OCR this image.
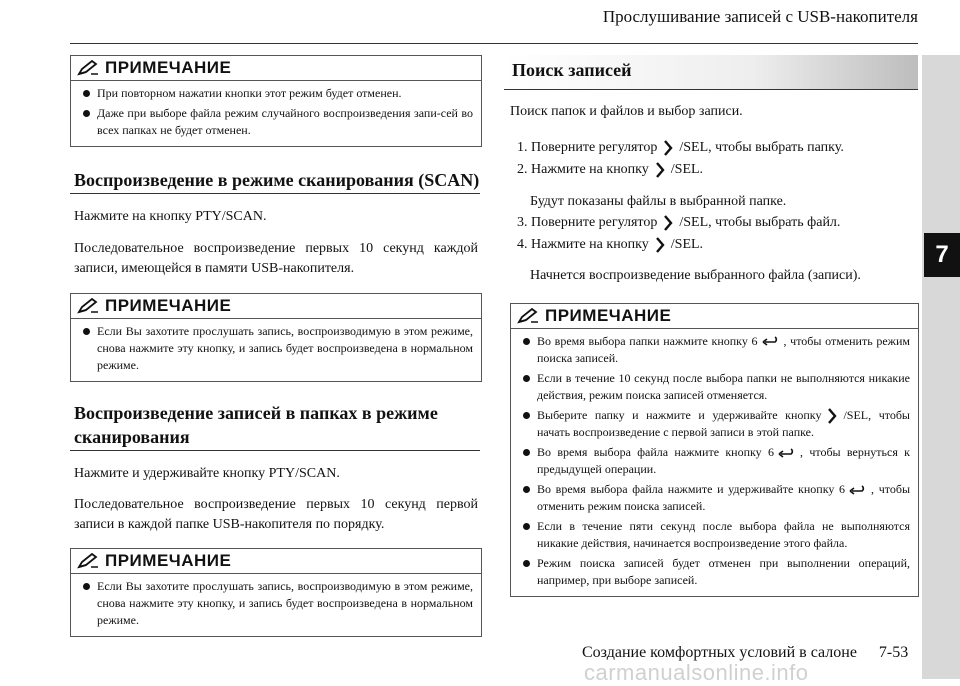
Прослушивание записей с USB-накопителя
7
ПРИМЕЧАНИЕ
При повторном нажатии кнопки этот режим будет отменен.
Даже при выборе файла режим случайного воспроизведения запи-сей во всех папках не будет отменен.
Воспроизведение в режиме сканирования (SCAN)
Нажмите на кнопку PTY/SCAN.
Последовательное воспроизведение первых 10 секунд каждой записи, имеющейся в памяти USB-накопителя.
ПРИМЕЧАНИЕ
Если Вы захотите прослушать запись, воспроизводимую в этом режиме, снова нажмите эту кнопку, и запись будет воспроизведена в нормальном режиме.
Воспроизведение записей в папках в режиме сканирования
Нажмите и удерживайте кнопку PTY/SCAN.
Последовательное воспроизведение первых 10 секунд первой записи в каждой папке USB-накопителя по порядку.
ПРИМЕЧАНИЕ
Если Вы захотите прослушать запись, воспроизводимую в этом режиме, снова нажмите эту кнопку, и запись будет воспроизведена в нормальном режиме.
Поиск записей
Поиск папок и файлов и выбор записи.
1. Поверните регулятор /SEL, чтобы выбрать папку.
2. Нажмите на кнопку /SEL.
Будут показаны файлы в выбранной папке.
3. Поверните регулятор /SEL, чтобы выбрать файл.
4. Нажмите на кнопку /SEL.
Начнется воспроизведение выбранного файла (записи).
ПРИМЕЧАНИЕ
Во время выбора папки нажмите кнопку 6 , чтобы отменить режим поиска записей.
Если в течение 10 секунд после выбора папки не выполняются никакие действия, режим поиска записей отменяется.
Выберите папку и нажмите и удерживайте кнопку /SEL, чтобы начать воспроизведение с первой записи в этой папке.
Во время выбора файла нажмите кнопку 6 , чтобы вернуться к предыдущей операции.
Во время выбора файла нажмите и удерживайте кнопку 6 , чтобы отменить режим поиска записей.
Если в течение пяти секунд после выбора файла не выполняются никакие действия, начинается воспроизведение этого файла.
Режим поиска записей будет отменен при выполнении операций, например, при выборе записей.
Создание комфортных условий в салоне 7-53
carmanualsonline.info
